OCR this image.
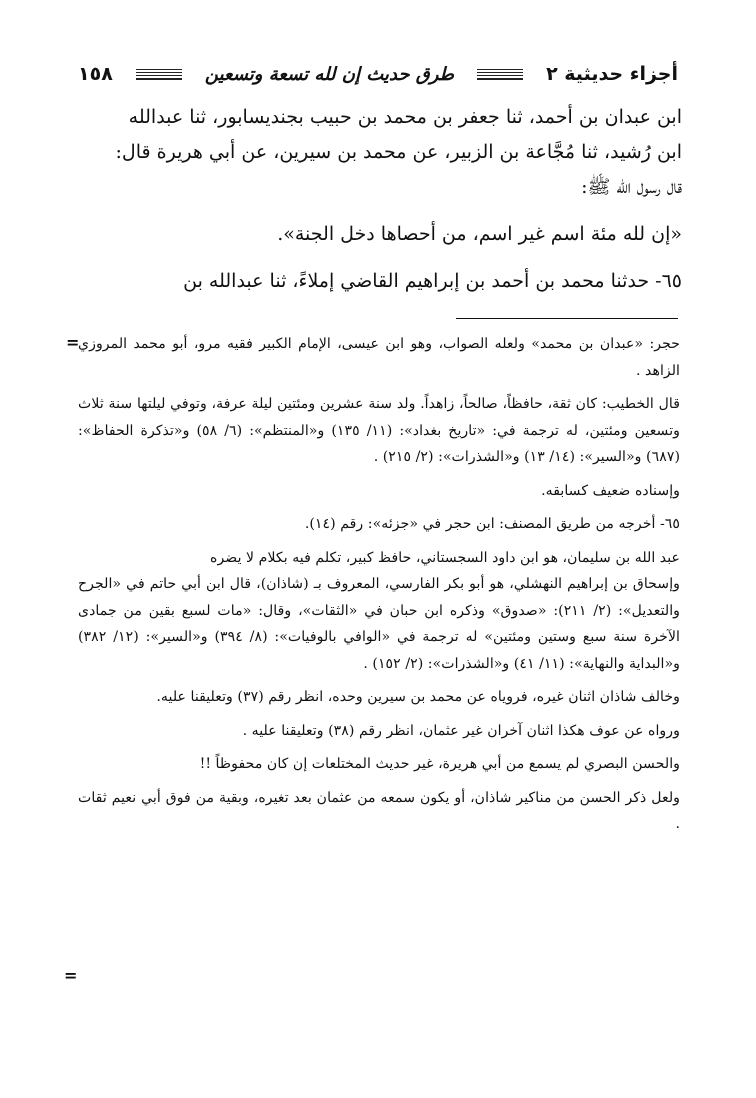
١٥٨	طرق حديث إن لله تسعة وتسعين	أجزاء حديثية ٢

ابن عبدان بن أحمد، ثنا جعفر بن محمد بن حبيب بجنديسابور، ثنا عبدالله

ابن رُشيد، ثنا مُجَّاعة بن الزبير، عن محمد بن سيرين، عن أبي هريرة قال:

قال رسول الله ﷺ:

«إن لله مئة اسم غير اسم، من أحصاها دخل الجنة».

٦٥- حدثنا محمد بن أحمد بن إبراهيم القاضي إملاءً، ثنا عبدالله بن

=

حجر: «عبدان بن محمد» ولعله الصواب، وهو ابن عيسى، الإمام الكبير فقيه مرو، أبو محمد المروزي الزاهد .

قال الخطيب: كان ثقة، حافظاً، صالحاً، زاهداً. ولد سنة عشرين ومئتين ليلة عرفة، وتوفي ليلتها سنة ثلاث وتسعين ومئتين، له ترجمة في: «تاريخ بغداد»: (١١/ ١٣٥) و«المنتظم»: (٦/ ٥٨) و«تذكرة الحفاظ»: (٦٨٧) و«السير»: (١٤/ ١٣) و«الشذرات»: (٢/ ٢١٥) .

وإسناده ضعيف كسابقه.

٦٥- أخرجه من طريق المصنف: ابن حجر في «جزئه»: رقم (١٤).

عبد الله بن سليمان، هو ابن داود السجستاني، حافظ كبير، تكلم فيه بكلام لا يضره

وإسحاق بن إبراهيم النهشلي، هو أبو بكر الفارسي، المعروف بـ (شاذان)، قال ابن أبي حاتم في «الجرح والتعديل»: (٢/ ٢١١): «صدوق» وذكره ابن حبان في «الثقات»، وقال: «مات لسبع بقين من جمادى الآخرة سنة سبع وستين ومئتين» له ترجمة في «الوافي بالوفيات»: (٨/ ٣٩٤) و«السير»: (١٢/ ٣٨٢) و«البداية والنهاية»: (١١/ ٤١) و«الشذرات»: (٢/ ١٥٢) .

وخالف شاذان اثنان غيره، فروياه عن محمد بن سيرين وحده، انظر رقم (٣٧) وتعليقنا عليه.

ورواه عن عوف هكذا اثنان آخران غير عثمان، انظر رقم (٣٨) وتعليقنا عليه .

والحسن البصري لم يسمع من أبي هريرة، غير حديث المختلعات إن كان محفوظاً !!

ولعل ذكر الحسن من مناكير شاذان، أو يكون سمعه من عثمان بعد تغيره، وبقية من فوق أبي نعيم ثقات .

=
